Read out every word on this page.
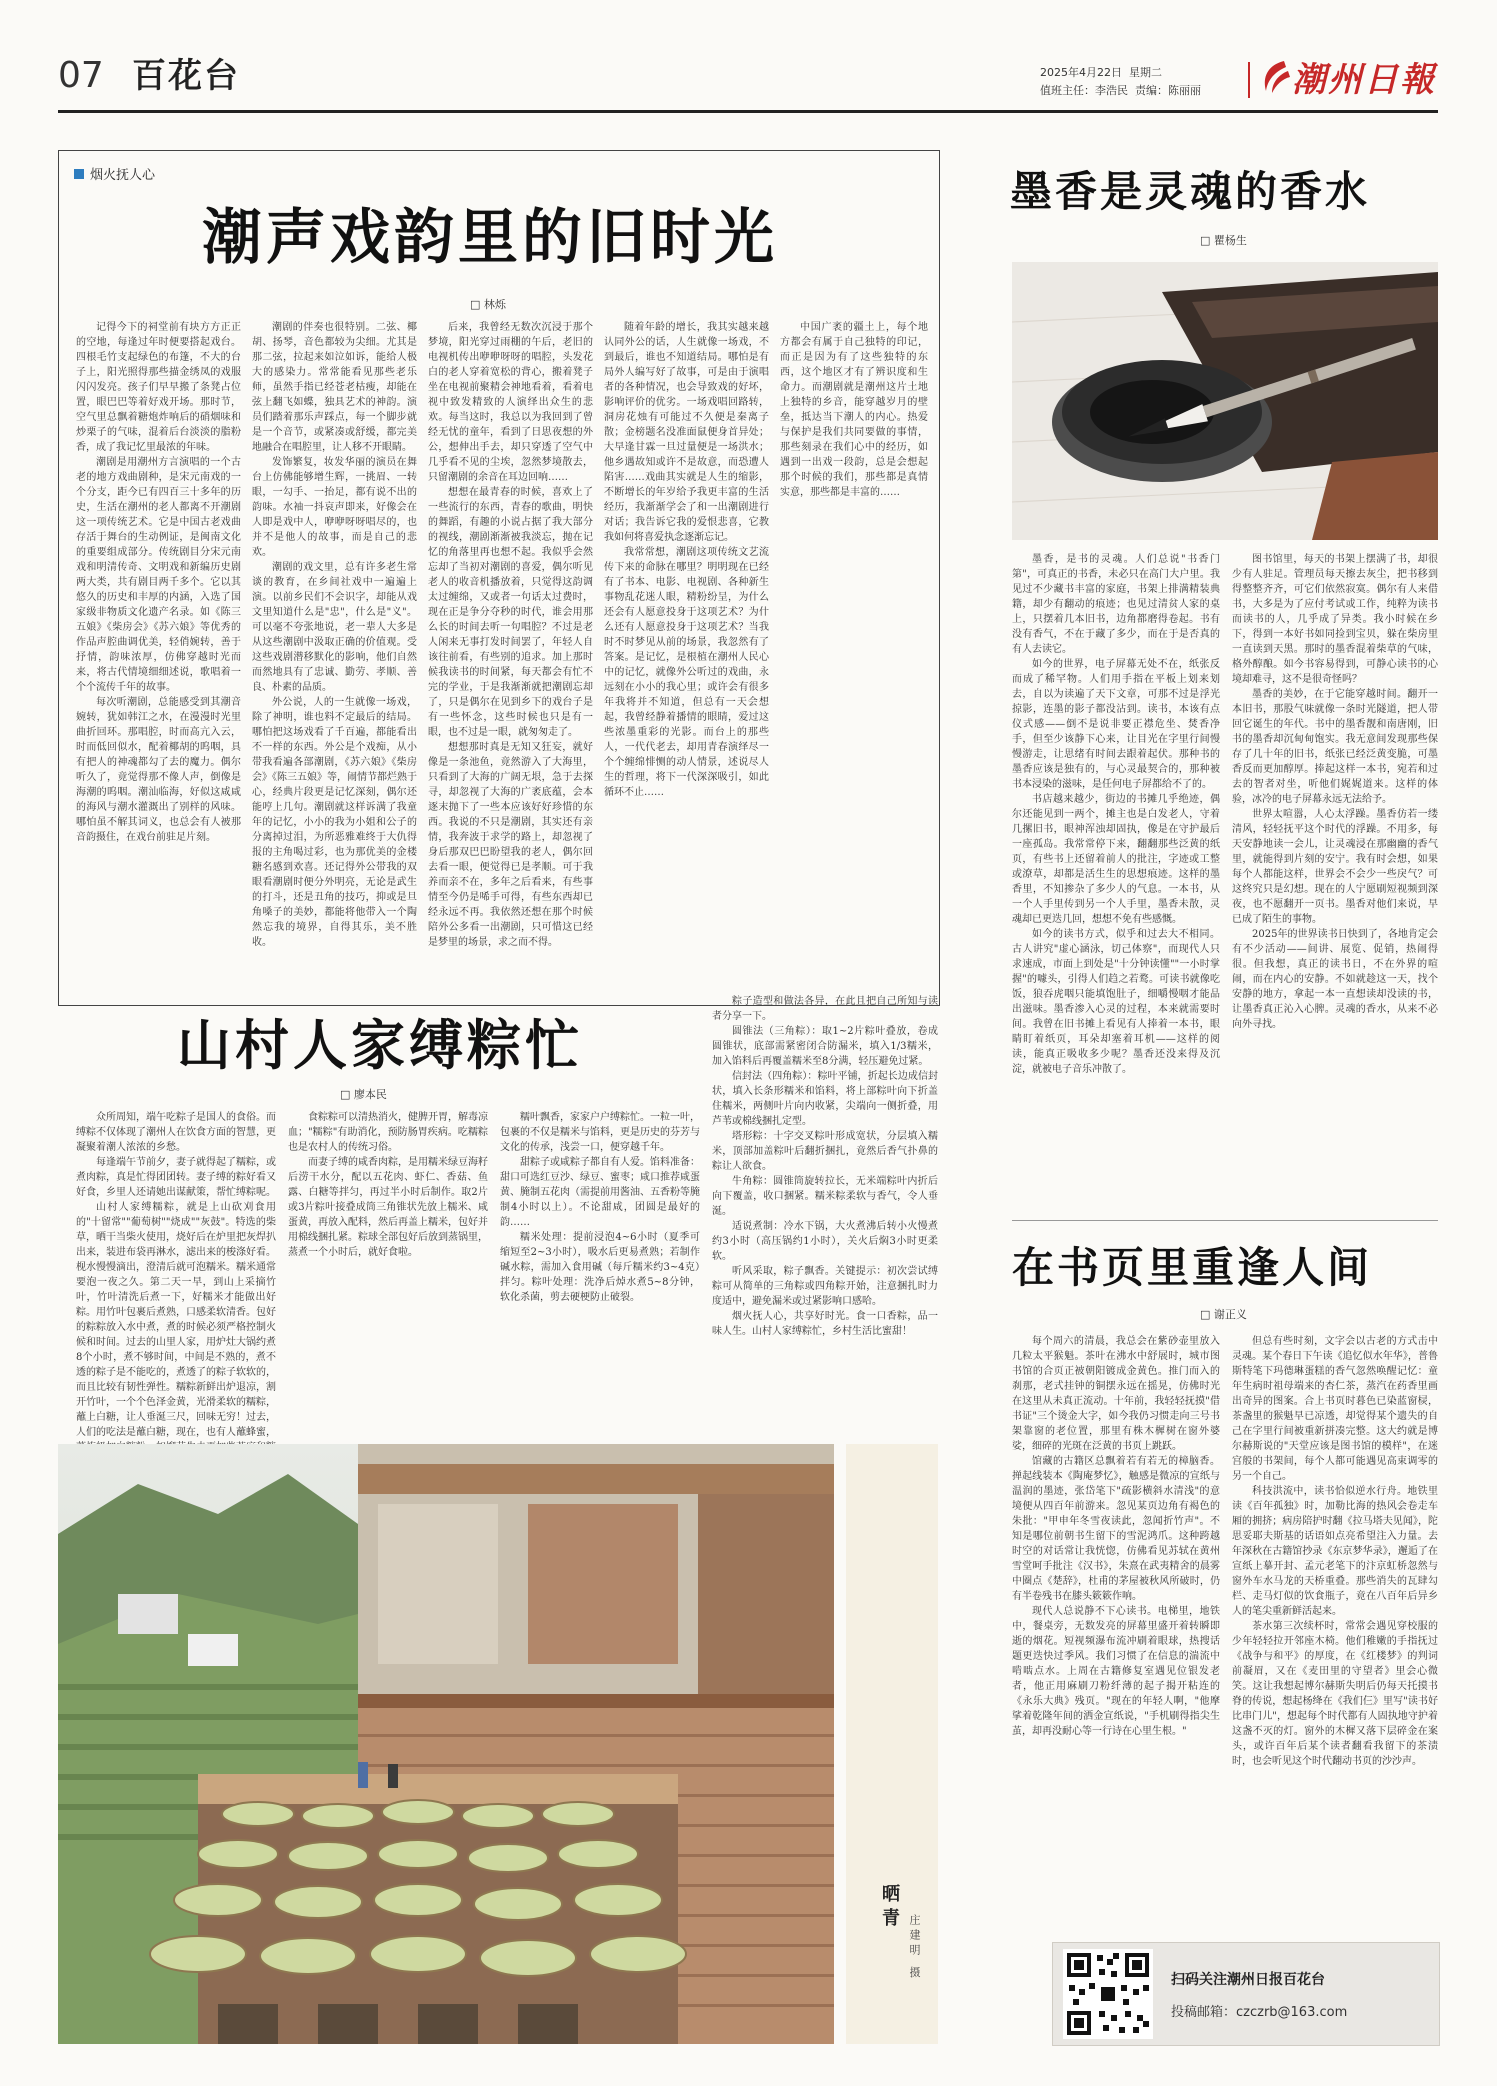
07 百花台	2025年4月22日 星期二
值班主任：李浩民 责编：陈丽丽	潮州日報
烟火抚人心
潮声戏韵里的旧时光
□ 林烁

记得今下的祠堂前有块方方正正的空地，每逢过年时便要搭起戏台。四根毛竹支起绿色的布篷，不大的台子上，阳光照得那些描金绣凤的戏服闪闪发亮。孩子们早早搬了条凳占位置，眼巴巴等着好戏开场。那时节，空气里总飘着糖炮炸响后的硝烟味和炒栗子的气味，混着后台淡淡的脂粉香，成了我记忆里最浓的年味。

潮剧是用潮州方言演唱的一个古老的地方戏曲剧种，是宋元南戏的一个分支，距今已有四百三十多年的历史，生活在潮州的老人都离不开潮剧这一项传统艺术。它是中国古老戏曲存活于舞台的生动例证，是闽南文化的重要组成部分。传统剧目分宋元南戏和明清传奇、文明戏和新编历史剧两大类，共有剧目两千多个。它以其悠久的历史和丰厚的内涵，入选了国家级非物质文化遗产名录。如《陈三五娘》《柴房会》《苏六娘》等优秀的作品声腔曲调优美，轻俏婉转，善于抒情，韵味浓厚，仿佛穿越时光而来，将古代情境细细述说，歌唱着一个个流传千年的故事。

每次听潮剧，总能感受到其潮音婉转，犹如韩江之水，在漫漫时光里曲折回环。那唱腔，时而高亢入云，时而低回似水，配着椰胡的呜咽，具有把人的神魂都勾了去的魔力。偶尔听久了，竟觉得那不像人声，倒像是海潮的呜咽。潮汕临海，好似这咸咸的海风与潮水灌溉出了别样的风味。哪怕虽不解其词义，也总会有人被那音韵摄住，在戏台前驻足片刻。

潮剧的伴奏也很特别。二弦、椰胡、扬琴，音色都较为尖细。尤其是那二弦，拉起来如泣如诉，能给人极大的感染力。常常能看见那些老乐师，虽然手指已经苍老枯瘦，却能在弦上翻飞如蝶，独具艺术的神韵。演员们踏着那乐声踩点，每一个脚步就是一个音节，或紧凑或舒缓，都完美地融合在唱腔里，让人移不开眼睛。

发饰繁复，妆发华丽的演员在舞台上仿佛能够增生辉，一挑眉、一转眼，一勾手、一抬足，都有说不出的韵味。水袖一抖哀声即来，好像会在人即是戏中人，咿咿呀呀唱尽的，也并不是他人的故事，而是自己的悲欢。

潮剧的戏文里，总有许多老生常谈的教育，在乡间社戏中一遍遍上演。以前乡民们不会识字，却能从戏文里知道什么是"忠"，什么是"义"。可以毫不夸张地说，老一辈人大多是从这些潮剧中汲取正确的价值观。受这些戏剧潜移默化的影响，他们自然而然地具有了忠诚、勤劳、孝顺、善良、朴素的品质。

外公说，人的一生就像一场戏，除了神明，谁也料不定最后的结局。哪怕把这场戏看了千百遍，都能看出不一样的东西。外公是个戏痴，从小带我看遍各部潮剧，《苏六娘》《柴房会》《陈三五娘》等，闹情节都烂熟于心，经典片段更是记忆深刻，偶尔还能哼上几句。潮剧就这样诉满了我童年的记忆，小小的我为小姐和公子的分离掉过泪，为所恶雅难终于大仇得报的主角喝过彩，也为那优美的金楼糖名感到欢喜。还记得外公带我的双眼看潮剧时便分外明亮，无论是武生的打斗，还是丑角的技巧，抑或是旦角嗓子的美妙，都能将他带入一个陶然忘我的境界，自得其乐，美不胜收。

后来，我曾经无数次沉浸于那个梦境，阳光穿过雨棚的午后，老旧的电视机传出咿咿呀呀的唱腔，头发花白的老人穿着宽松的背心，搬着凳子坐在电视前聚精会神地看着，看着电视中致发精致的人演绎出众生的悲欢。每当这时，我总以为我回到了曾经无忧的童年，看到了日思夜想的外公，想伸出手去，却只穿透了空气中几乎看不见的尘埃，忽然梦境散去，只留潮剧的余音在耳边回响……

想想在最青春的时候，喜欢上了一些流行的东西，青春的歌曲，明快的舞蹈，有趣的小说占据了我大部分的视线，潮剧渐渐被我淡忘，抛在记忆的角落里再也想不起。我似乎会然忘却了当初对潮剧的喜爱，偶尔听见老人的收音机播放着，只觉得这韵调太过缠绵，又或者一句话太过费时，现在正是争分夺秒的时代，谁会用那么长的时间去听一句唱腔？不过是老人闲来无事打发时间罢了，年轻人自该往前看，有些别的追求。加上那时候我读书的时间紧，每天都会有忙不完的学业，于是我渐渐就把潮剧忘却了，只是偶尔在见到乡下的戏台子是有一些怀念，这些时候也只是有一眼，也不过是一眼，就匆匆走了。

想想那时真是无知又狂妄，就好像是一条池鱼，竟然游入了大海里，只看到了大海的广阔无垠，急于去探寻，却忽视了大海的广袤底蕴，会本逐末抛下了一些本应该好好珍惜的东西。我说的不只是潮剧，其实还有亲情，我奔波于求学的路上，却忽视了身后那双巴巴盼望我的老人，偶尔回去看一眼，便觉得已是孝顺。可于我养而亲不在，多年之后看来，有些事情至今仍是唏手可得，有些东西却已经永远不再。我依然还想在那个时候陪外公多看一出潮剧，只可惜这已经是梦里的场景，求之而不得。

随着年龄的增长，我其实越来越认同外公的话，人生就像一场戏，不到最后，谁也不知道结局。哪怕是有局外人编写好了故事，可是由于演唱者的各种情况，也会导致戏的好坏，影响评价的优劣。一场戏唱回路转，洞房花烛有可能过不久便是秦离子散；金榜题名没准面鼠便身首异处；大早逢甘霖一旦过量便是一场洪水；他乡遇故知或许不是故意，而恐遭人陷害……戏曲其实就是人生的缩影，不断增长的年岁给予我更丰富的生活经历，我渐渐学会了和一出潮剧进行对话；我告诉它我的爱恨悲喜，它教我如何将喜爱执念逐渐忘记。

我常常想，潮剧这项传统文艺流传下来的命脉在哪里？明明现在已经有了书本、电影、电视剧、各种新生事物乱花迷人眼，精粉纷呈，为什么还会有人愿意投身于这项艺术？为什么还有人愿意投身于这项艺术？当我时不时梦见从前的场景，我忽然有了答案。是记忆，是根植在潮州人民心中的记忆，就像外公听过的戏曲，永远刻在小小的我心里；或许会有很多年我将并不知道，但总有一天会想起，我曾经静着播情的眼睛，爱过这些浓墨重彩的光影。而台上的那些人，一代代老去，却用青春演绎尽一个个缠绵悱恻的动人情景，述说尽人生的哲理，将下一代深深吸引，如此循环不止……

中国广袤的疆土上，每个地方都会有属于自己独特的印记，而正是因为有了这些独特的东西，这个地区才有了辨识度和生命力。而潮剧就是潮州这片土地上独特的乡音，能穿越岁月的壁垒，抵达当下潮人的内心。热爱与保护是我们共同要做的事情，那些刻录在我们心中的经历，如遇到一出戏一段韵，总是会想起那个时候的我们，那些都是真情实意，那些都是丰富的……

山村人家缚粽忙
□ 廖本民

众所周知，端午吃粽子是国人的食俗。而缚粽不仅体现了潮州人在饮食方面的智慧，更凝聚着潮人浓浓的乡愁。

每逢端午节前夕，妻子就得起了糯粽，或煮肉粽，真是忙得团团转。妻子缚的粽好看又好食，乡里人还请她出谋献策，帮忙缚粽呢。

山村人家缚糯粽，就是上山砍刈食用的"十留常""葡萄树""烧成""灰鼓"。特选的柴草，晒干当柴火使用，烧好后在炉里把灰焊扒出来，装进布袋再淋水，滤出来的梭涤好看。枧水慢慢滴出，澄清后就可泡糯米。糯米通常要泡一夜之久。第二天一早，到山上采摘竹叶，竹叶清洗后煮一下，好糯米才能做出好粽。用竹叶包裹后煮熟，口感柔软清香。包好的粽粽放入水中煮，煮的时候必须严格控制火候和时间。过去的山里人家，用炉灶大锅约煮8个小时，煮不够时间，中间是不熟的，煮不透的粽子是不能吃的，煮透了的粽子软软的，而且比较有韧性弹性。糯粽新鲜出炉退凉，割开竹叶，一个个色泽金黄，光滑柔软的糯粽，蘸上白糖，让人垂涎三尺，回味无穷！过去，人们的吃法是蘸白糖，现在，也有人蘸蜂蜜，

食粽粽可以清热消火，健脾开胃，解毒凉血；"糯粽"有助消化，预防肠胃疾病。吃糯粽也是农村人的传统习俗。

而妻子缚的咸香肉粽，是用糯米绿豆海籽后涝干水分，配以五花肉、虾仁、香菇、鱼露、白糖等拌匀，再过半小时后制作。取2片或3片粽叶接叠成筒三角锥状先放上糯米、咸蛋黄，再放入配料，然后再盖上糯米，包好并用棉线捆扎紧。粽球全部包好后放到蒸锅里，蒸煮一个小时后，就好食啦。

糯叶飘香，家家户户缚粽忙。一粒一叶，包裹的不仅是糯米与馅料，更是历史的芬芳与文化的传承，浅尝一口，便穿越千年。

甜粽子或咸粽子都自有人爱。馅料准备：甜口可选红豆沙、绿豆、蜜枣；咸口推荐咸蛋黄、腌制五花肉（需提前用酱油、五香粉等腌制4小时以上）。不论甜咸，团圆是最好的韵……

糯米处理：提前浸泡4~6小时（夏季可缩短至2~3小时），吸水后更易煮熟；若制作碱水粽，需加入食用碱（每斤糯米约3~4克）拌匀。粽叶处理：洗净后焯水煮5~8分钟，软化杀菌，剪去硬梗防止破裂。

粽子造型和做法各异，在此且把自己所知与读者分享一下。

圆锥法（三角粽）：取1~2片粽叶叠放，卷成圆锥状，底部需紧密闭合防漏米，填入1/3糯米，加入馅料后再覆盖糯米至8分满，轻压避免过紧。

信封法（四角粽）：粽叶平铺，折起长边成信封状，填入长条形糯米和馅料，将上部粽叶向下折盖住糯米，两侧叶片向内收紧，尖端向一侧折叠，用芦苇或棉线捆扎定型。

塔形粽：十字交叉粽叶形成宽状，分层填入糯米，顶部加盖粽叶后翻折捆扎，竟然后香气扑鼻的粽让人欲食。

牛角粽：圆锥筒旋转拉长，无米端粽叶内折后向下覆盖，收口捆紧。糯米粽柔软与香气，令人垂涎。

适说煮制：冷水下锅，大火煮沸后转小火慢煮约3小时（高压锅约1小时），关火后焖3小时更柔软。

听风采取，粽子飘香。关键提示：初次尝试缚粽可从简单的三角粽或四角粽开始，注意捆扎时力度适中，避免漏米或过紧影响口感哈。

烟火抚人心，共享好时光。食一口香粽，品一味人生。山村人家缚粽忙，乡村生活比蜜甜！

晒青
庄建明 摄
墨香是灵魂的香水
□ 瞿杨生

墨香，是书的灵魂。人们总说"书香门第"，可真正的书香，未必只在高门大户里。我见过不少藏书丰富的家庭，书架上排满精装典籍，却少有翻动的痕迹；也见过清贫人家的桌上，只摆着几本旧书，边角都磨得卷起。书有没有香气，不在于藏了多少，而在于是否真的有人去读它。

如今的世界，电子屏幕无处不在，纸张反而成了稀罕物。人们用手指在平板上划来划去，自以为读遍了天下文章，可那不过是浮光掠影，连墨的影子都没沾到。读书，本该有点仪式感——倒不是说非要正襟危坐、焚香净手，但至少该静下心来，让目光在字里行间慢慢游走，让思绪有时间去跟着起伏。那种书的墨香应该是独有的，与心灵最契合的，那种被书本浸染的滋味，是任何电子屏都给不了的。

书店越来越少，街边的书摊几乎绝迹，偶尔还能见到一两个，摊主也是白发老人，守着几摞旧书，眼神浑浊却固执，像是在守护最后一座孤岛。我常常停下来，翻翻那些泛黄的纸页，有些书上还留着前人的批注，字迹或工整或潦草，却都是活生生的思想痕迹。这样的墨香里，不知掺杂了多少人的气息。一本书，从一个人手里传到另一个人手里，墨香未散，灵魂却已更迭几回，想想不免有些感慨。

如今的读书方式，似乎和过去大不相同。古人讲究"虚心涵泳，切己体察"，而现代人只求速成，市面上到处是"十分钟读懂""一小时掌握"的噱头，引得人们趋之若鹜。可读书就像吃饭，狼吞虎咽只能填饱肚子，细嚼慢咽才能品出滋味。墨香渗入心灵的过程，本来就需要时间。我曾在旧书摊上看见有人捧着一本书，眼睛盯着纸页，耳朵却塞着耳机——这样的阅读，能真正吸收多少呢？墨香还没来得及沉淀，就被电子音乐冲散了。

图书馆里，每天的书架上摆满了书，却很少有人驻足。管理员每天擦去灰尘，把书移到得整整齐齐，可它们依然寂寞。偶尔有人来借书，大多是为了应付考试或工作，纯粹为读书而读书的人，几乎成了异类。我小时候在乡下，得到一本好书如同捡到宝贝，躲在柴房里一直读到天黑。那时的墨香混着柴草的气味，格外醇酿。如今书容易得到，可静心读书的心境却难寻，这不是很奇怪吗？

墨香的美妙，在于它能穿越时间。翻开一本旧书，那股气味就像一条时光隧道，把人带回它诞生的年代。书中的墨香靓和南唐刚，旧书的墨香却沉甸甸饱实。我无意间发现那些保存了几十年的旧书，纸张已经泛黄变脆，可墨香反而更加醇厚。捧起这样一本书，宛若和过去的智者对坐，听他们娓娓道来。这样的体验，冰冷的电子屏幕永远无法给予。

世界太喧嚣，人心太浮躁。墨香仿若一缕清风，轻轻抚平这个时代的浮躁。不用多，每天安静地读一会儿，让灵魂浸在那幽幽的香气里，就能得到片刻的安宁。我有时会想，如果每个人都能这样，世界会不会少一些戾气？可这终究只是幻想。现在的人宁愿刷短视频到深夜，也不愿翻开一页书。墨香对他们来说，早已成了陌生的事物。

2025年的世界读书日快到了，各地肯定会有不少活动——间讲、展览、促销，热闹得很。但我想，真正的读书日，不在外界的喧闹，而在内心的安静。不如就趁这一天，找个安静的地方，拿起一本一直想读却没读的书，让墨香真正沁入心脾。灵魂的香水，从来不必向外寻找。

在书页里重逢人间
□ 谢正义

每个周六的清晨，我总会在紫砂壶里放入几粒太平猴魁。茶叶在沸水中舒展时，城市图书馆的合页正被朝阳镀成金黄色。推门而入的刹那，老式挂钟的铜摆永远在摇晃，仿佛时光在这里从未真正流动。十年前，我轻轻抚摸"借书证"三个烫金大字，如今我仍习惯走向三号书架靠窗的老位置，那里有株木樨树在窗外婆娑，细碎的光斑在泛黄的书页上跳跃。

馆藏的古籍区总飘着若有若无的樟脑香。掸起线装本《陶庵梦忆》，触感是微凉的宣纸与温润的墨迹，张岱笔下"疏影横斜水清浅"的意境便从四百年前游来。忽见某页边角有褐色的朱批："甲申年冬雪夜读此，忽闻折竹声"。不知是哪位前朝书生留下的雪泥鸿爪。这种跨越时空的对话常让我恍惚，仿佛看见苏轼在黄州雪堂呵手批注《汉书》，朱熹在武夷精舍的晨雾中圈点《楚辞》，杜甫的茅屋被秋风所破时，仍有半卷残书在膝头簌簌作响。

现代人总说静不下心读书。电梯里，地铁中，餐桌旁，无数发亮的屏幕里盛开着转瞬即逝的烟花。短视频瀑布流冲刷着眼球，热搜话题更迭快过季风。我们习惯了在信息的湍流中啃啮点水。上周在古籍修复室遇见位银发老者，他正用麻刷刀粉纤薄的起子揭开粘连的《永乐大典》残页。"现在的年轻人啊，"他摩挲着乾隆年间的洒金宣纸说，"手机刷得指尖生茧，却再没耐心等一行诗在心里生根。"

但总有些时刻，文字会以古老的方式击中灵魂。某个春日下午读《追忆似水年华》，普鲁斯特笔下玛德琳蛋糕的香气忽然唤醒记忆：童年生病时祖母端来的杏仁茶，蒸汽在药香里画出奇异的图案。合上书页时暮色已染蓝窗棂，茶盏里的猴魁早已凉透，却觉得某个遗失的自己在字里行间被重新拼凑完整。这大约就是博尔赫斯说的"天堂应该是图书馆的模样"，在迷宫般的书架间，每个人都可能遇见高束调零的另一个自己。

科技洪流中，读书恰似逆水行舟。地铁里读《百年孤独》时，加勒比海的热风会卷走车厢的拥挤；病房陪护时翻《拉马塔夫见闻》，陀思妥耶夫斯基的话语如点亮希望注入力量。去年深秋在古籍馆抄录《东京梦华录》，邂逅了在宣纸上摹开封、孟元老笔下的汴京虹桥忽然与窗外车水马龙的天桥重叠。那些消失的瓦肆勾栏、走马灯似的饮食瓶子，竟在八百年后异乡人的笔尖重新鲜活起来。

茶水第三次续杯时，常常会遇见穿校服的少年轻轻拉开邻座木椅。他们稚嫩的手指抚过《战争与和平》的厚度，在《红楼梦》的判词前凝眉，又在《麦田里的守望者》里会心微笑。这让我想起博尔赫斯失明后仍每天托摸书脊的传说，想起杨绛在《我们仨》里写"读书好比串门儿"，想起每个时代都有人固执地守护着这盏不灭的灯。窗外的木樨又落下层碎金在案头，或许百年后某个读者翻看我留下的茶渍时，也会听见这个时代翻动书页的沙沙声。

扫码关注潮州日报百花台
投稿邮箱：czczrb@163.com
